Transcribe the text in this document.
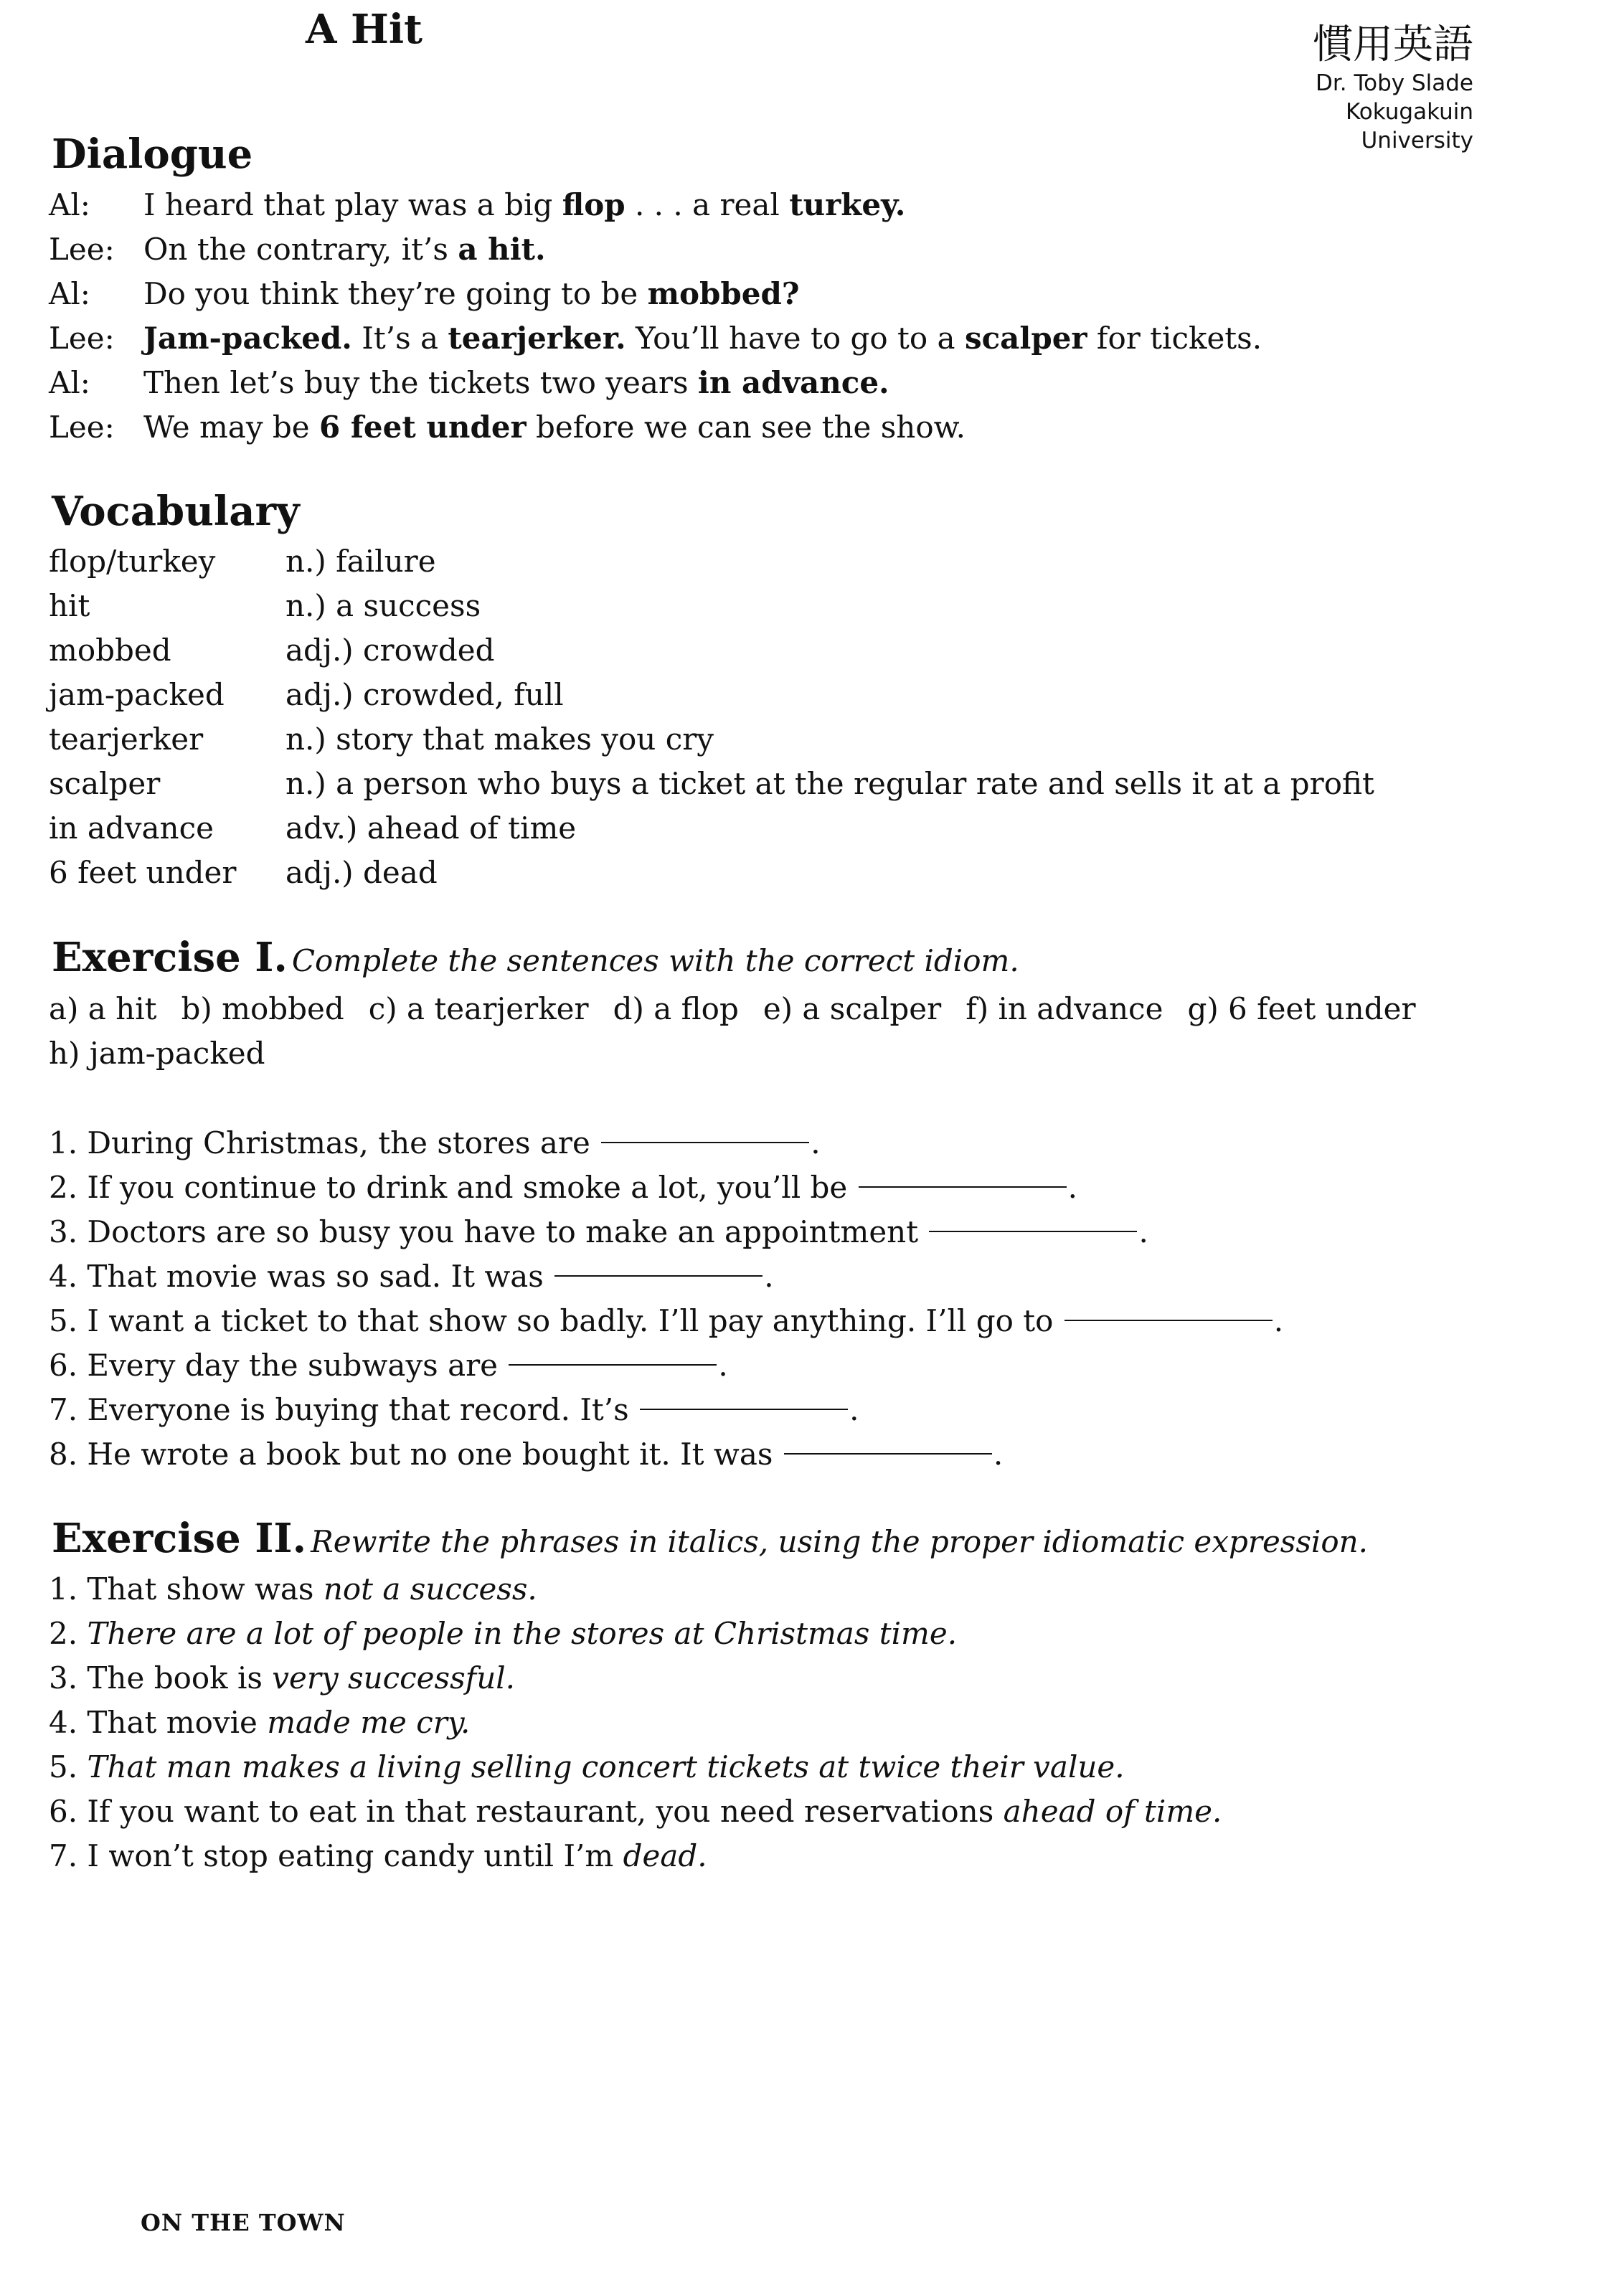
A Hit	慣用英語
Dr. Toby Slade
Kokugakuin
University
Dialogue
Al: I heard that play was a big flop . . . a real turkey.
Lee: On the contrary, it’s a hit.
Al: Do you think they’re going to be mobbed?
Lee: Jam-packed. It’s a tearjerker. You’ll have to go to a scalper for tickets.
Al: Then let’s buy the tickets two years in advance.
Lee: We may be 6 feet under before we can see the show.
Vocabulary
flop/turkey n.) failure
hit	n.) a success
mobbed	adj.) crowded
jam-packed adj.) crowded, full
tearjerker	n.) story that makes you cry
scalper	n.) a person who buys a ticket at the regular rate and sells it at a profit
in advance adv.) ahead of time
6 feet under adj.) dead
Exercise I. Complete the sentences with the correct idiom.
a) a hit b) mobbed c) a tearjerker d) a flop e) a scalper f) in advance g) 6 feet under
h) jam-packed
1. During Christmas, the stores are	.
2. If you continue to drink and smoke a lot, you’ll be	.
3. Doctors are so busy you have to make an appointment	.
4. That movie was so sad. It was	.
5. I want a ticket to that show so badly. I’ll pay anything. I’ll go to	.
6. Every day the subways are	.
7. Everyone is buying that record. It’s	.
8. He wrote a book but no one bought it. It was	.
Exercise II. Rewrite the phrases in italics, using the proper idiomatic expression.
1. That show was not a success.
2. There are a lot of people in the stores at Christmas time.
3. The book is very successful.
4. That movie made me cry.
5. That man makes a living selling concert tickets at twice their value.
6. If you want to eat in that restaurant, you need reservations ahead of time.
7. I won’t stop eating candy until I’m dead.
ON THE TOWN
